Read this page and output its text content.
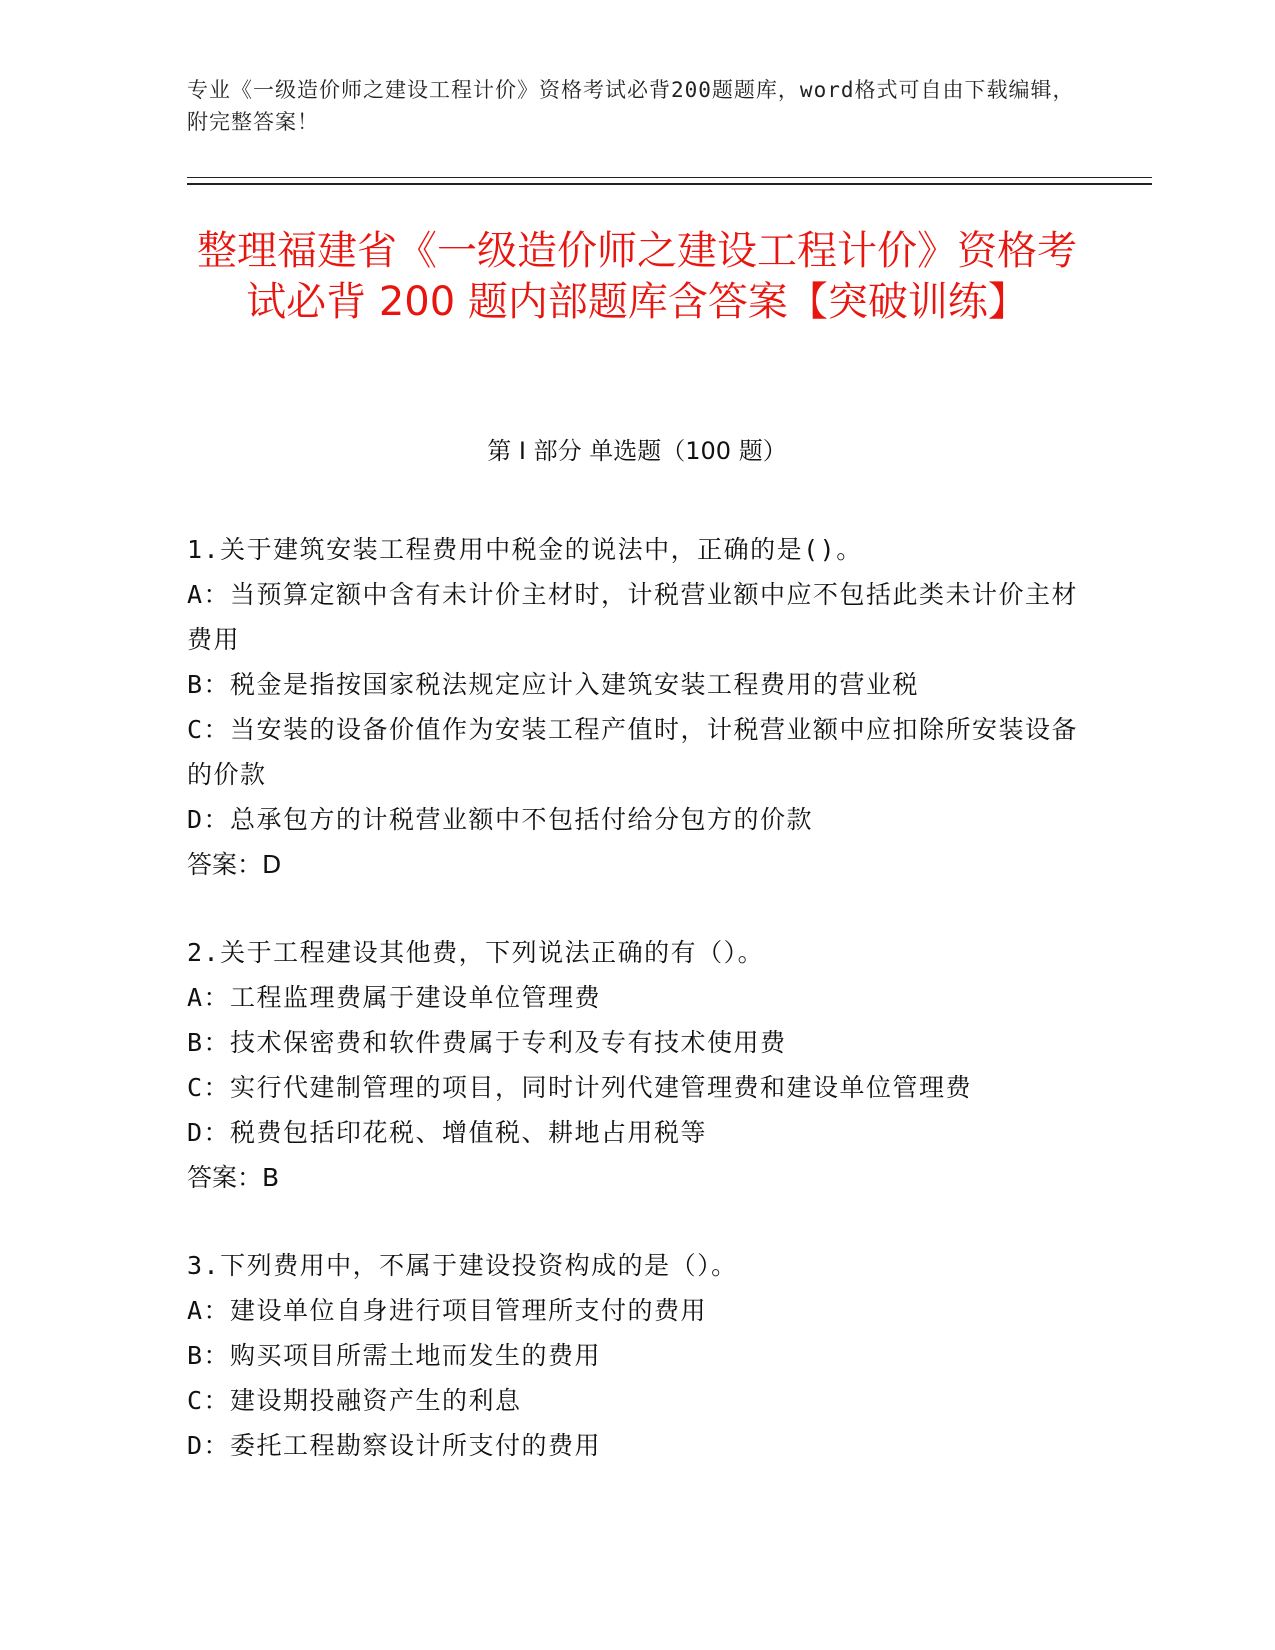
专业《一级造价师之建设工程计价》资格考试必背200题题库，word格式可自由下载编辑，附完整答案！
整理福建省《一级造价师之建设工程计价》资格考试必背 200 题内部题库含答案【突破训练】
第 I 部分 单选题（100 题）
1.关于建筑安装工程费用中税金的说法中，正确的是()。
A：当预算定额中含有未计价主材时，计税营业额中应不包括此类未计价主材费用
B：税金是指按国家税法规定应计入建筑安装工程费用的营业税
C：当安装的设备价值作为安装工程产值时，计税营业额中应扣除所安装设备的价款
D：总承包方的计税营业额中不包括付给分包方的价款
答案：D
2.关于工程建设其他费，下列说法正确的有（）。
A：工程监理费属于建设单位管理费
B：技术保密费和软件费属于专利及专有技术使用费
C：实行代建制管理的项目，同时计列代建管理费和建设单位管理费
D：税费包括印花税、增值税、耕地占用税等
答案：B
3.下列费用中，不属于建设投资构成的是（）。
A：建设单位自身进行项目管理所支付的费用
B：购买项目所需土地而发生的费用
C：建设期投融资产生的利息
D：委托工程勘察设计所支付的费用
